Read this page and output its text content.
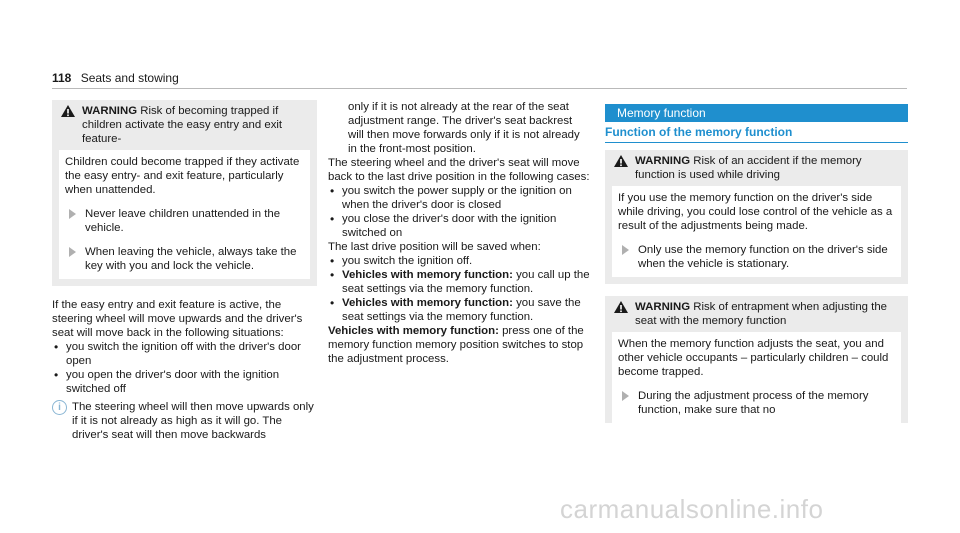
118 Seats and stowing
WARNING Risk of becoming trapped if children activate the easy entry and exit feature-

Children could become trapped if they activate the easy entry- and exit feature, particularly when unattended.

Never leave children unattended in the vehicle.
When leaving the vehicle, always take the key with you and lock the vehicle.

If the easy entry and exit feature is active, the steering wheel will move upwards and the driver's seat will move back in the following situations:

• you switch the ignition off with the driver's door open
• you open the driver's door with the ignition switched off
i The steering wheel will then move upwards only if it is not already as high as it will go. The driver's seat will then move backwards

only if it is not already at the rear of the seat adjustment range. The driver's seat backrest will then move forwards only if it is not already in the front-most position.

The steering wheel and the driver's seat will move back to the last drive position in the following cases:

• you switch the power supply or the ignition on when the driver's door is closed
• you close the driver's door with the ignition switched on

The last drive position will be saved when:

• you switch the ignition off.
• Vehicles with memory function: you call up the seat settings via the memory function.
• Vehicles with memory function: you save the seat settings via the memory function.

Vehicles with memory function: press one of the memory function memory position switches to stop the adjustment process.

Memory function
Function of the memory function
WARNING Risk of an accident if the memory function is used while driving

If you use the memory function on the driver's side while driving, you could lose control of the vehicle as a result of the adjustments being made.

Only use the memory function on the driver's side when the vehicle is stationary.
WARNING Risk of entrapment when adjusting the seat with the memory function

When the memory function adjusts the seat, you and other vehicle occupants – particularly children – could become trapped.

During the adjustment process of the memory function, make sure that no
carmanualsonline.info
